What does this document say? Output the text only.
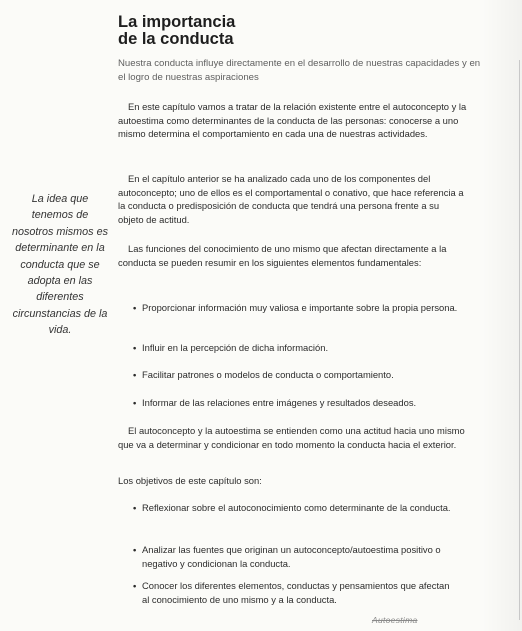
La importancia
de la conducta

Nuestra conducta influye directamente en el desarrollo de nuestras capacidades y en el logro de nuestras aspiraciones

En este capítulo vamos a tratar de la relación existente entre el autoconcepto y la autoestima como determinantes de la conducta de las personas: conocerse a uno mismo determina el comportamiento en cada una de nuestras actividades.

En el capítulo anterior se ha analizado cada uno de los componentes del autoconcepto; uno de ellos es el comportamental o conativo, que hace referencia a la conducta o predisposición de conducta que tendrá una persona frente a su objeto de actitud.

Las funciones del conocimiento de uno mismo que afectan directamente a la conducta se pueden resumir en los siguientes elementos fundamentales:

• Proporcionar información muy valiosa e importante sobre la propia persona.
• Influir en la percepción de dicha información.
• Facilitar patrones o modelos de conducta o comportamiento.
• Informar de las relaciones entre imágenes y resultados deseados.

El autoconcepto y la autoestima se entienden como una actitud hacia uno mismo que va a determinar y condicionar en todo momento la conducta hacia el exterior.

Los objetivos de este capítulo son:

• Reflexionar sobre el autoconocimiento como determinante de la conducta.
• Analizar las fuentes que originan un autoconcepto/autoestima positivo o negativo y condicionan la conducta.
• Conocer los diferentes elementos, conductas y pensamientos que afectan al conocimiento de uno mismo y a la conducta.

La idea que tenemos de nosotros mismos es determinante en la conducta que se adopta en las diferentes circunstancias de la vida.

Autoestima
